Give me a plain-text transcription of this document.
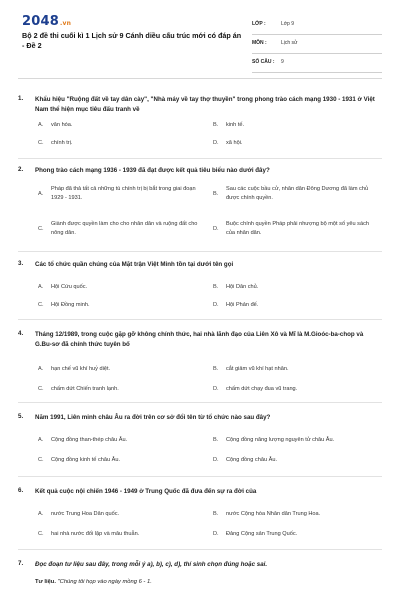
2048.vn
Bộ 2 đề thi cuối kì 1 Lịch sử 9 Cánh diều cấu trúc mới có đáp án - Đề 2
LỚP :	Lớp 9
MÔN :	Lịch sử
SỐ CÂU : 9
1. Khẩu hiệu "Ruộng đất về tay dân cày", "Nhà máy về tay thợ thuyền" trong phong trào cách mạng 1930 - 1931 ở Việt Nam thể hiện mục tiêu đấu tranh về
A. văn hóa.	B. kinh tế.
C. chính trị.	D. xã hội.
2. Phong trào cách mạng 1936 - 1939 đã đạt được kết quả tiêu biểu nào dưới đây?
A.
Pháp đã thả tất cả những tù chính trị bị bắt trong giai đoạn 1929 - 1931.
B.
Sau các cuộc bầu cử, nhân dân Đông Dương đã làm chủ được chính quyền.
C.
Giành được quyền làm cho cho nhân dân và ruộng đất cho nông dân.
D.
Buộc chính quyền Pháp phải nhượng bộ một số yêu sách của nhân dân.
3. Các tổ chức quần chúng của Mặt trận Việt Minh tồn tại dưới tên gọi
A. Hội Cứu quốc.	B. Hội Dân chủ.
C. Hội Đồng minh.	D. Hội Phản đế.
4. Tháng 12/1989, trong cuộc gặp gỡ không chính thức, hai nhà lãnh đạo của Liên Xô và Mĩ là M.Gioóc-ba-chop và G.Bu-sơ đã chính thức tuyên bố
A. hạn chế vũ khí huỷ diệt.	B. cắt giảm vũ khí hạt nhân.
C. chấm dứt Chiến tranh lạnh.	D. chấm dứt chạy đua vũ trang.
5. Năm 1991, Liên minh châu Âu ra đời trên cơ sở đổi tên từ tổ chức nào sau đây?
A. Cộng đồng than-thép châu Âu.	B. Cộng đồng năng lượng nguyên tử châu Âu.
C. Cộng đồng kinh tế châu Âu.	D. Cộng đồng châu Âu.
6. Kết quả cuộc nội chiến 1946 - 1949 ở Trung Quốc đã đưa đến sự ra đời của
A. nước Trung Hoa Dân quốc.	B. nước Cộng hòa Nhân dân Trung Hoa.
C. hai nhà nước đối lập và mâu thuẫn.	D. Đảng Cộng sản Trung Quốc.
7. Đọc đoạn tư liệu sau đây, trong mỗi ý a), b), c), d), thí sinh chọn đúng hoặc sai.
Tư liệu. "Chúng tôi họp vào ngày mồng 6 - 1.
